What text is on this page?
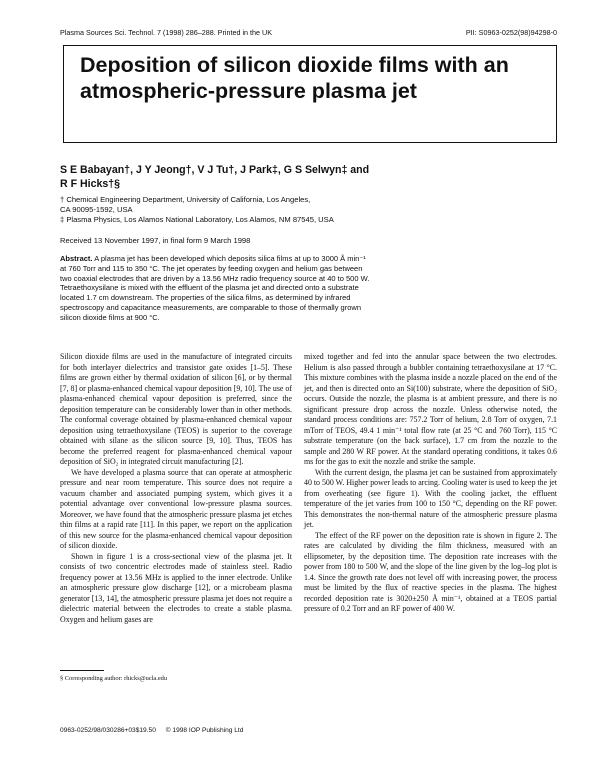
Plasma Sources Sci. Technol. 7 (1998) 286–288. Printed in the UK	PII: S0963-0252(98)94298-0
Deposition of silicon dioxide films with an atmospheric-pressure plasma jet
S E Babayan†, J Y Jeong†, V J Tu†, J Park‡, G S Selwyn‡ and
R F Hicks†§
† Chemical Engineering Department, University of California, Los Angeles,
CA 90095-1592, USA
‡ Plasma Physics, Los Alamos National Laboratory, Los Alamos, NM 87545, USA
Received 13 November 1997, in final form 9 March 1998

Abstract. A plasma jet has been developed which deposits silica films at up to 3000 Å min⁻¹ at 760 Torr and 115 to 350 °C. The jet operates by feeding oxygen and helium gas between two coaxial electrodes that are driven by a 13.56 MHz radio frequency source at 40 to 500 W. Tetraethoxysilane is mixed with the effluent of the plasma jet and directed onto a substrate located 1.7 cm downstream. The properties of the silica films, as determined by infrared spectroscopy and capacitance measurements, are comparable to those of thermally grown silicon dioxide films at 900 °C.

Silicon dioxide films are used in the manufacture of integrated circuits for both interlayer dielectrics and transistor gate oxides [1–5]. These films are grown either by thermal oxidation of silicon [6], or by thermal [7, 8] or plasma-enhanced chemical vapour deposition [9, 10]. The use of plasma-enhanced chemical vapour deposition is preferred, since the deposition temperature can be considerably lower than in other methods. The conformal coverage obtained by plasma-enhanced chemical vapour deposition using tetraethoxysilane (TEOS) is superior to the coverage obtained with silane as the silicon source [9, 10]. Thus, TEOS has become the preferred reagent for plasma-enhanced chemical vapour deposition of SiO₂ in integrated circuit manufacturing [2].

We have developed a plasma source that can operate at atmospheric pressure and near room temperature. This source does not require a vacuum chamber and associated pumping system, which gives it a potential advantage over conventional low-pressure plasma sources. Moreover, we have found that the atmospheric pressure plasma jet etches thin films at a rapid rate [11]. In this paper, we report on the application of this new source for the plasma-enhanced chemical vapour deposition of silicon dioxide.

Shown in figure 1 is a cross-sectional view of the plasma jet. It consists of two concentric electrodes made of stainless steel. Radio frequency power at 13.56 MHz is applied to the inner electrode. Unlike an atmospheric pressure glow discharge [12], or a microbeam plasma generator [13, 14], the atmospheric pressure plasma jet does not require a dielectric material between the electrodes to create a stable plasma. Oxygen and helium gases are

mixed together and fed into the annular space between the two electrodes. Helium is also passed through a bubbler containing tetraethoxysilane at 17 °C. This mixture combines with the plasma inside a nozzle placed on the end of the jet, and then is directed onto an Si(100) substrate, where the deposition of SiO₂ occurs. Outside the nozzle, the plasma is at ambient pressure, and there is no significant pressure drop across the nozzle. Unless otherwise noted, the standard process conditions are: 757.2 Torr of helium, 2.8 Torr of oxygen, 7.1 mTorr of TEOS, 49.4 1 min⁻¹ total flow rate (at 25 °C and 760 Torr), 115 °C substrate temperature (on the back surface), 1.7 cm from the nozzle to the sample and 280 W RF power. At the standard operating conditions, it takes 0.6 ms for the gas to exit the nozzle and strike the sample.

With the current design, the plasma jet can be sustained from approximately 40 to 500 W. Higher power leads to arcing. Cooling water is used to keep the jet from overheating (see figure 1). With the cooling jacket, the effluent temperature of the jet varies from 100 to 150 °C, depending on the RF power. This demonstrates the non-thermal nature of the atmospheric pressure plasma jet.

The effect of the RF power on the deposition rate is shown in figure 2. The rates are calculated by dividing the film thickness, measured with an ellipsometer, by the deposition time. The deposition rate increases with the power from 180 to 500 W, and the slope of the line given by the log–log plot is 1.4. Since the growth rate does not level off with increasing power, the process must be limited by the flux of reactive species in the plasma. The highest recorded deposition rate is 3020±250 Å min⁻¹, obtained at a TEOS partial pressure of 0.2 Torr and an RF power of 400 W.

§ Corresponding author: rhicks@ucla.edu
0963-0252/98/030286+03$19.50 © 1998 IOP Publishing Ltd
